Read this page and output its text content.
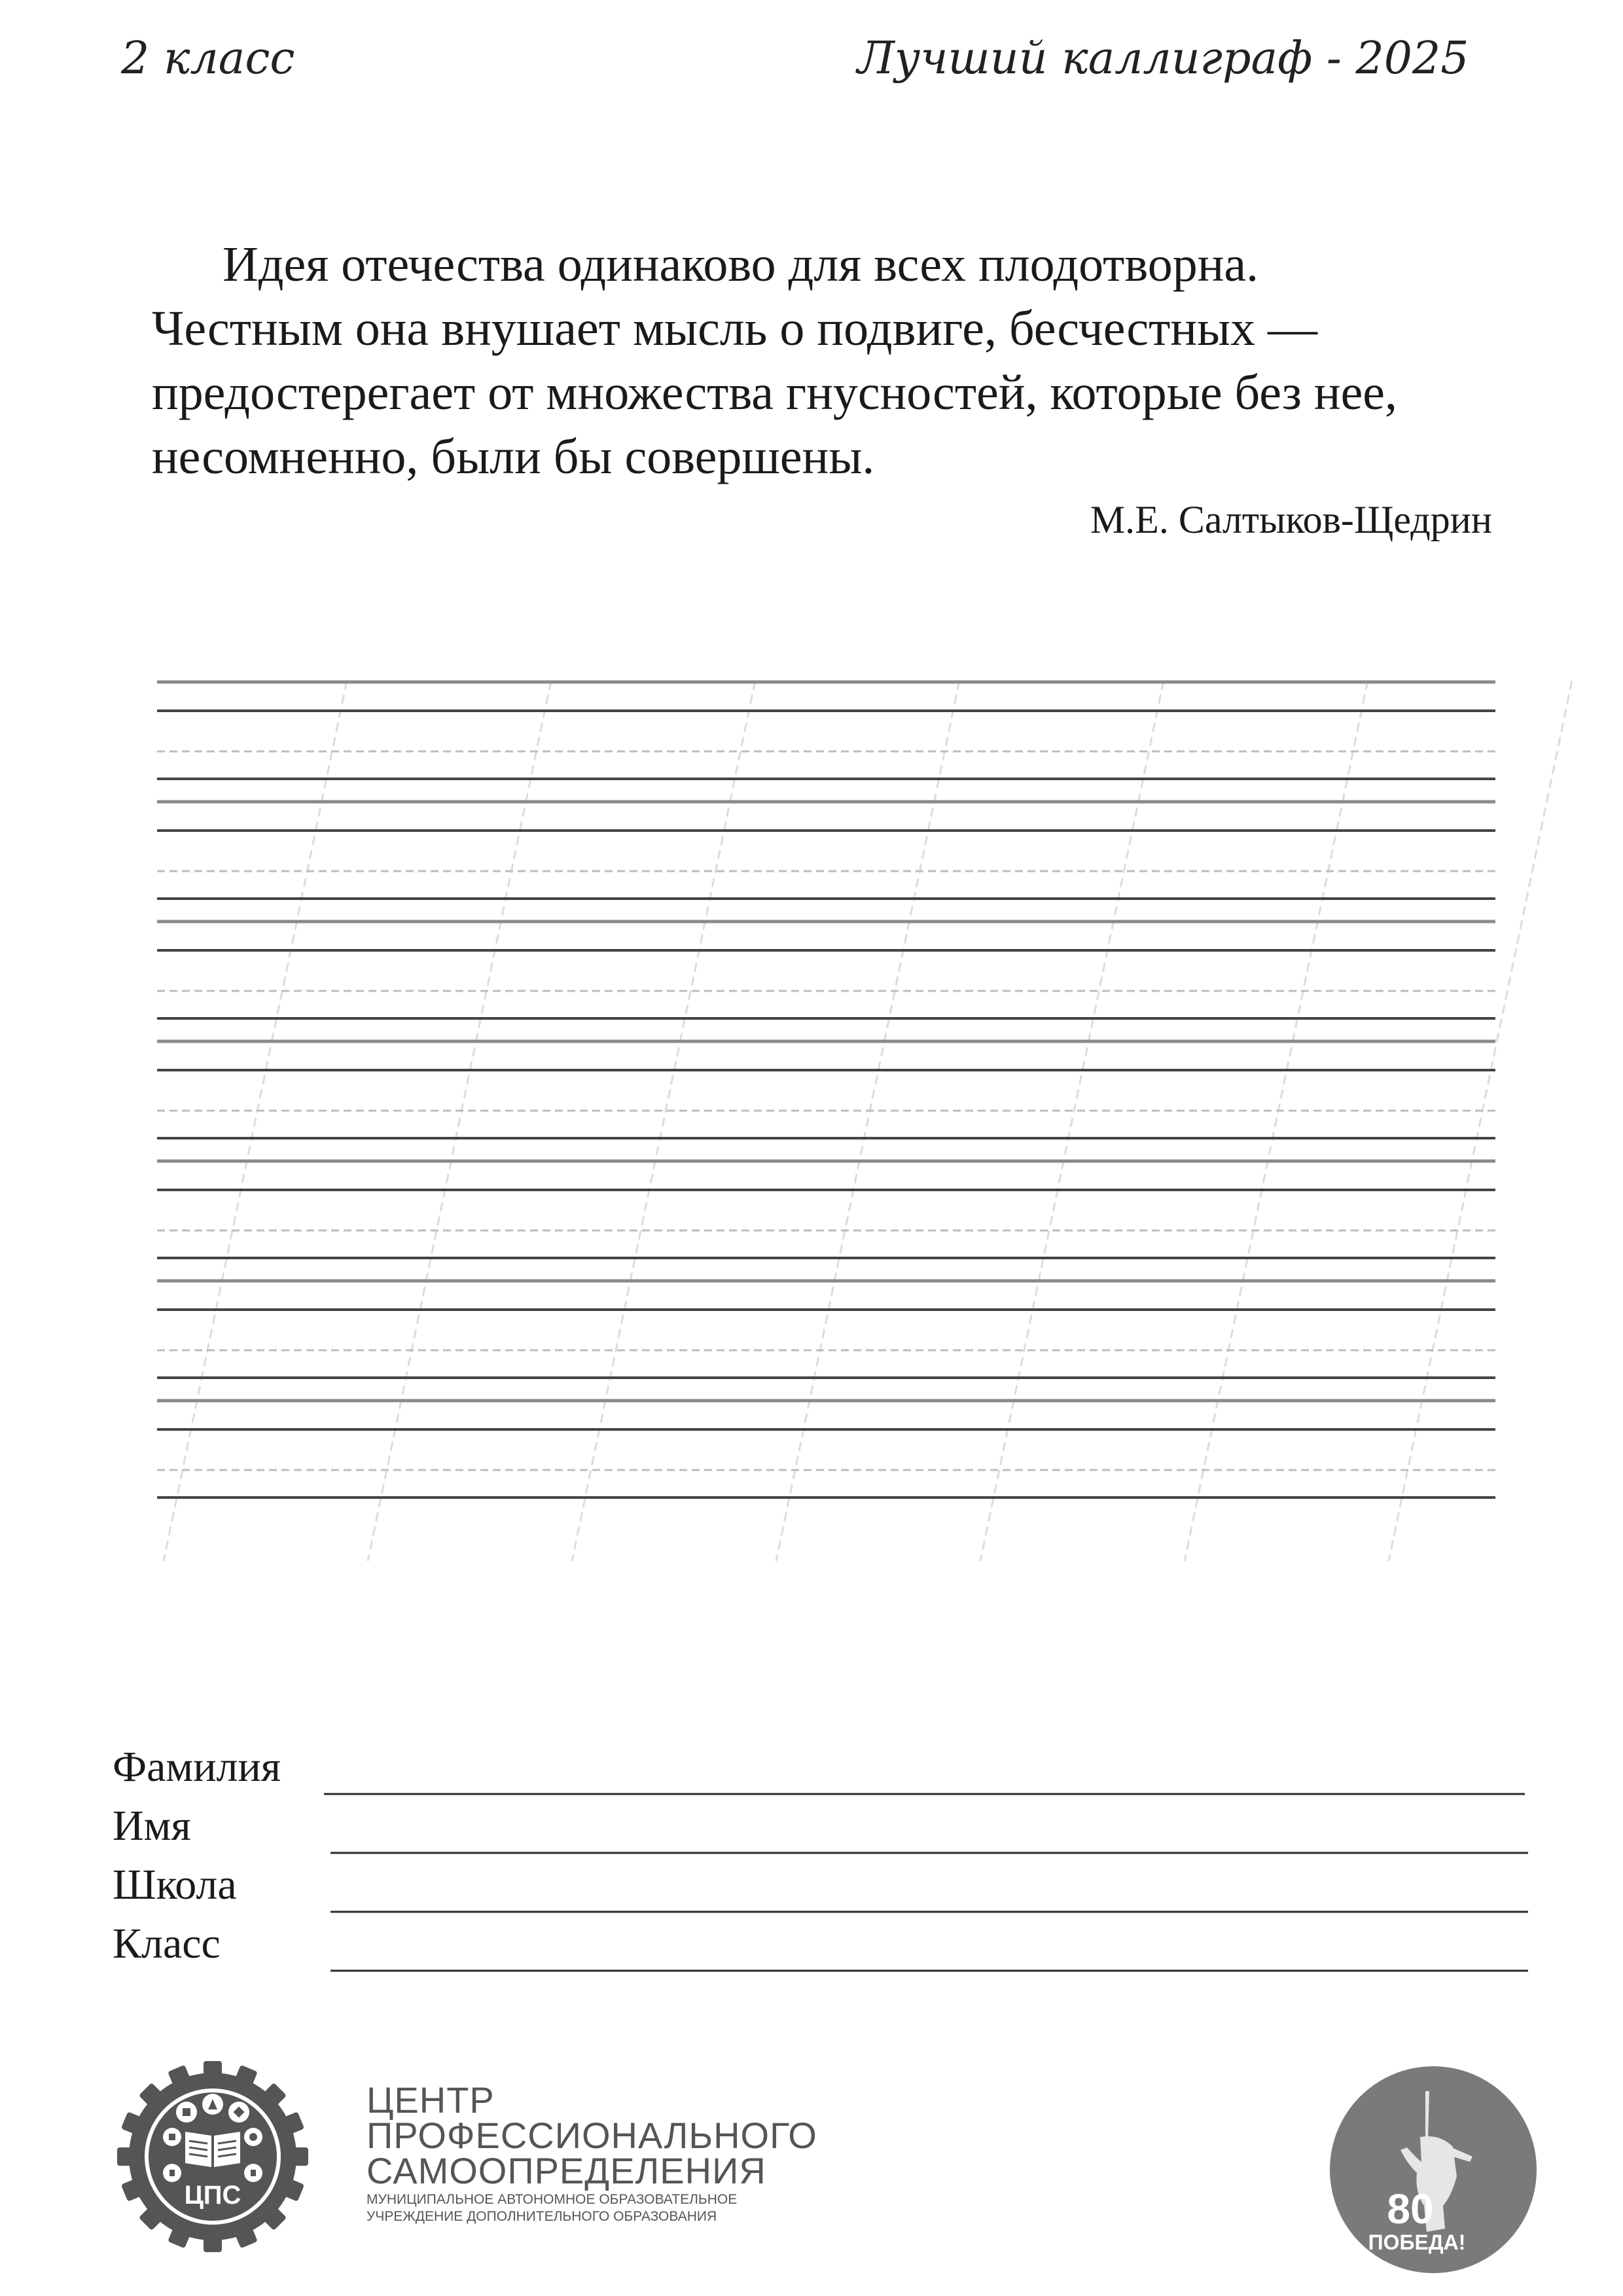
2 класс	Лучший каллиграф - 2025
Идея отечества одинаково для всех плодотворна.
Честным она внушает мысль о подвиге, бесчестных —
предостерегает от множества гнусностей, которые без нее,
несомненно, были бы совершены.
М.Е. Салтыков-Щедрин
Фамилия
Имя
Школа
Класс
ЦПС
ЦЕНТР
ПРОФЕССИОНАЛЬНОГО
САМООПРЕДЕЛЕНИЯ
МУНИЦИПАЛЬНОЕ АВТОНОМНОЕ ОБРАЗОВАТЕЛЬНОЕ
УЧРЕЖДЕНИЕ ДОПОЛНИТЕЛЬНОГО ОБРАЗОВАНИЯ	80
ПОБЕДА!
